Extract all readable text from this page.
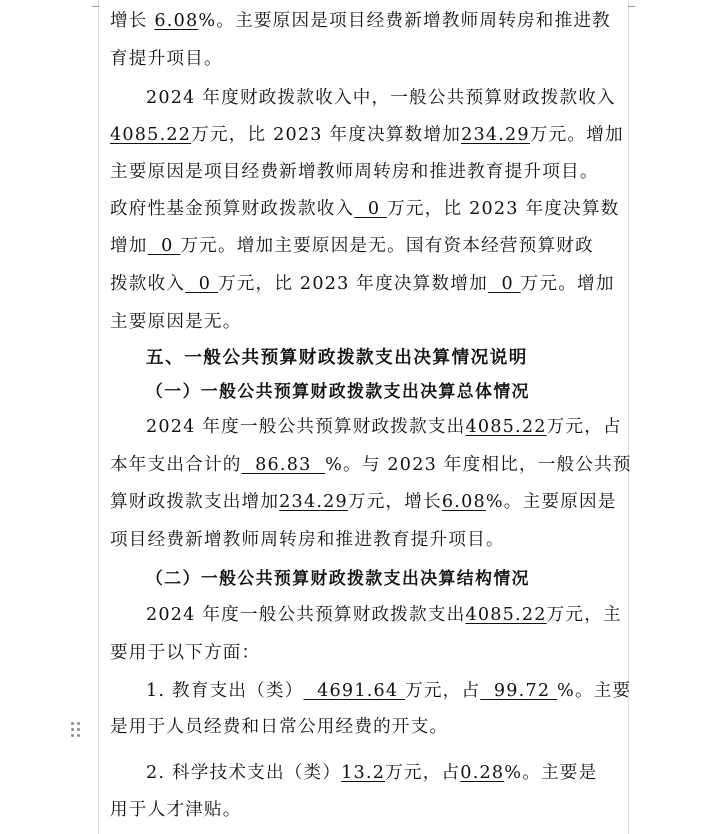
增长 6.08%。主要原因是项目经费新增教师周转房和推进教
育提升项目。
2024 年度财政拨款收入中，一般公共预算财政拨款收入
4085.22万元，比 2023 年度决算数增加234.29万元。增加
主要原因是项目经费新增教师周转房和推进教育提升项目。
政府性基金预算财政拨款收入  0 万元，比 2023 年度决算数
增加  0 万元。增加主要原因是无。国有资本经营预算财政
拨款收入  0 万元，比 2023 年度决算数增加  0 万元。增加
主要原因是无。
五、一般公共预算财政拨款支出决算情况说明
（一）一般公共预算财政拨款支出决算总体情况
2024 年度一般公共预算财政拨款支出4085.22万元，占
本年支出合计的  86.83  %。与 2023 年度相比，一般公共预
算财政拨款支出增加234.29万元，增长6.08%。主要原因是
项目经费新增教师周转房和推进教育提升项目。
（二）一般公共预算财政拨款支出决算结构情况
2024 年度一般公共预算财政拨款支出4085.22万元，主
要用于以下方面：
1. 教育支出（类）  4691.64 万元，占  99.72 %。主要
是用于人员经费和日常公用经费的开支。
2. 科学技术支出（类）13.2万元，占0.28%。主要是
用于人才津贴。
